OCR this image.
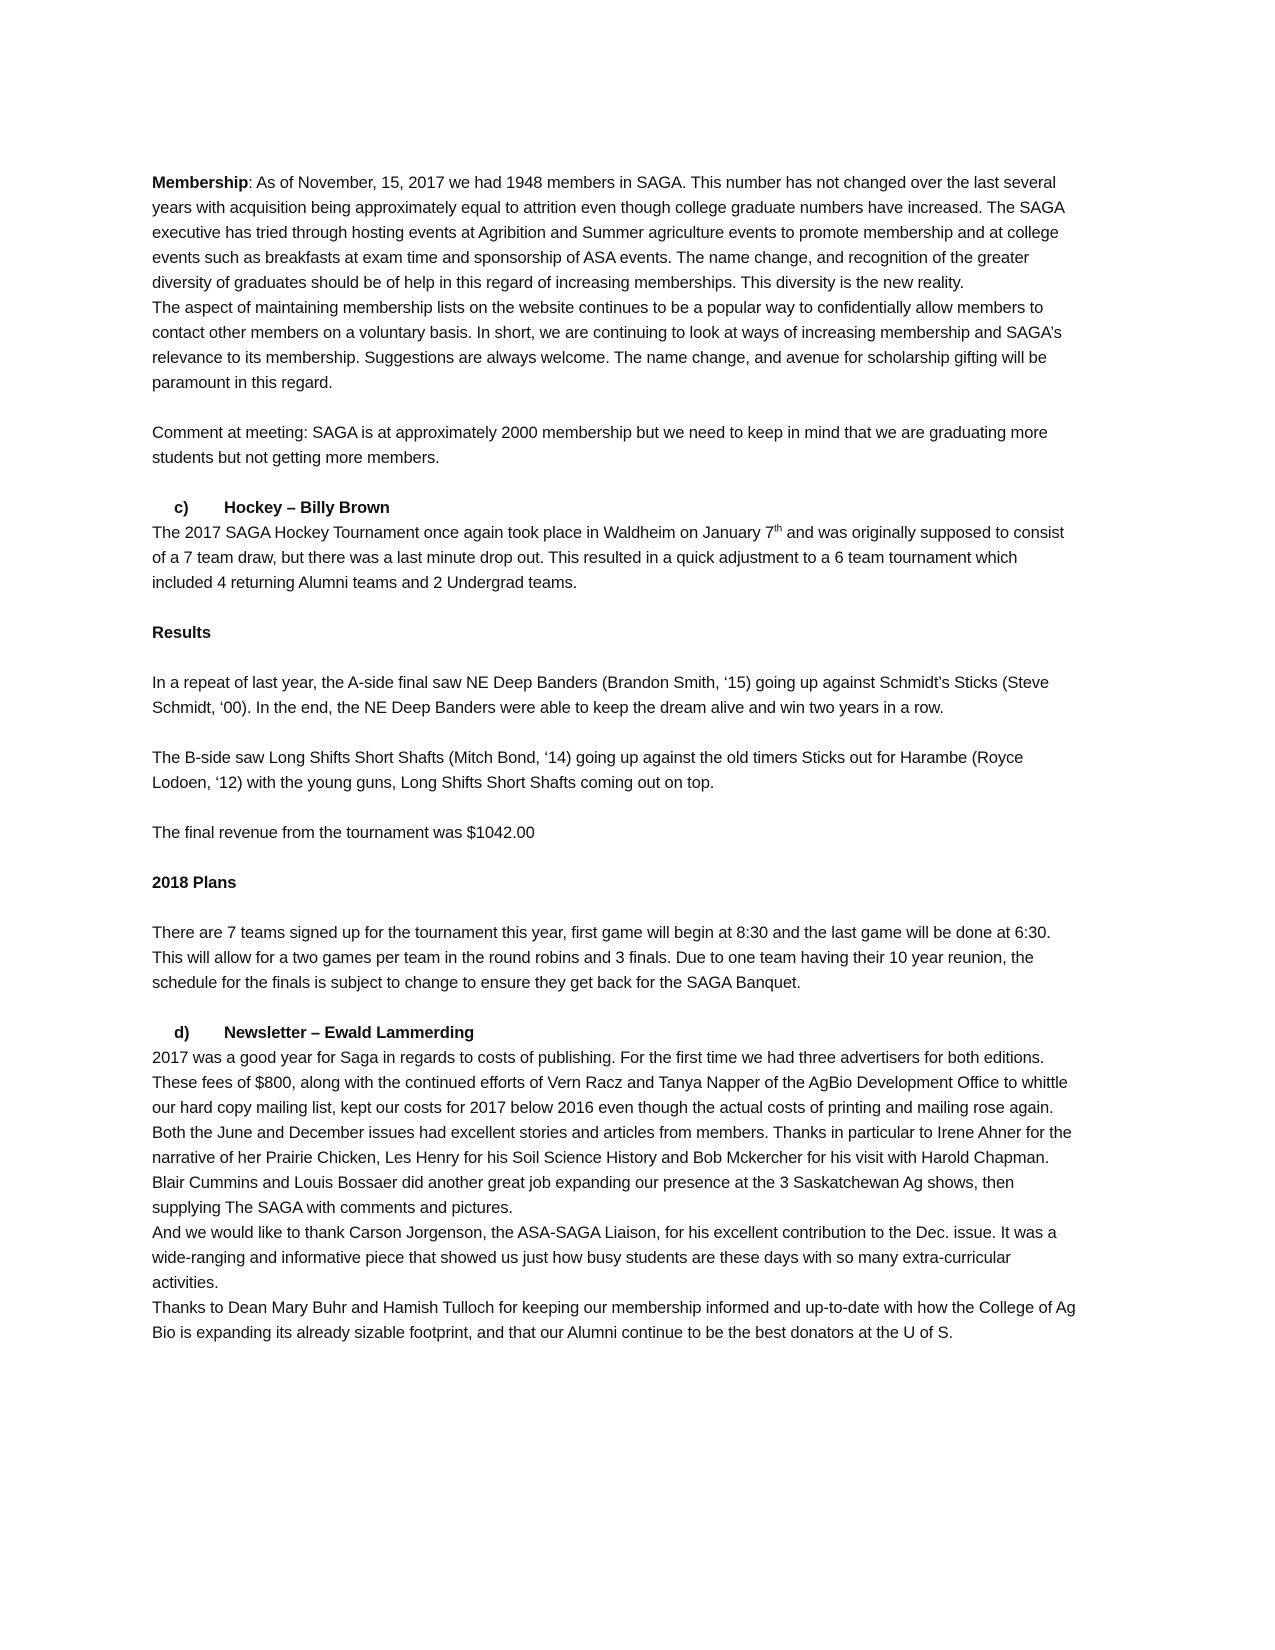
Membership: As of November, 15, 2017 we had 1948 members in SAGA. This number has not changed over the last several years with acquisition being approximately equal to attrition even though college graduate numbers have increased. The SAGA executive has tried through hosting events at Agribition and Summer agriculture events to promote membership and at college events such as breakfasts at exam time and sponsorship of ASA events. The name change, and recognition of the greater diversity of graduates should be of help in this regard of increasing memberships. This diversity is the new reality.

The aspect of maintaining membership lists on the website continues to be a popular way to confidentially allow members to contact other members on a voluntary basis. In short, we are continuing to look at ways of increasing membership and SAGA’s relevance to its membership. Suggestions are always welcome. The name change, and avenue for scholarship gifting will be paramount in this regard.

Comment at meeting: SAGA is at approximately 2000 membership but we need to keep in mind that we are graduating more students but not getting more members.

c) Hockey – Billy Brown

The 2017 SAGA Hockey Tournament once again took place in Waldheim on January 7th and was originally supposed to consist of a 7 team draw, but there was a last minute drop out. This resulted in a quick adjustment to a 6 team tournament which included 4 returning Alumni teams and 2 Undergrad teams.

Results

In a repeat of last year, the A-side final saw NE Deep Banders (Brandon Smith, ‘15) going up against Schmidt’s Sticks (Steve Schmidt, ‘00). In the end, the NE Deep Banders were able to keep the dream alive and win two years in a row.

The B-side saw Long Shifts Short Shafts (Mitch Bond, ‘14) going up against the old timers Sticks out for Harambe (Royce Lodoen, ‘12) with the young guns, Long Shifts Short Shafts coming out on top.

The final revenue from the tournament was $1042.00

2018 Plans

There are 7 teams signed up for the tournament this year, first game will begin at 8:30 and the last game will be done at 6:30. This will allow for a two games per team in the round robins and 3 finals. Due to one team having their 10 year reunion, the schedule for the finals is subject to change to ensure they get back for the SAGA Banquet.

d) Newsletter – Ewald Lammerding

2017 was a good year for Saga in regards to costs of publishing. For the first time we had three advertisers for both editions. These fees of $800, along with the continued efforts of Vern Racz and Tanya Napper of the AgBio Development Office to whittle our hard copy mailing list, kept our costs for 2017 below 2016 even though the actual costs of printing and mailing rose again.

Both the June and December issues had excellent stories and articles from members. Thanks in particular to Irene Ahner for the narrative of her Prairie Chicken, Les Henry for his Soil Science History and Bob Mckercher for his visit with Harold Chapman. Blair Cummins and Louis Bossaer did another great job expanding our presence at the 3 Saskatchewan Ag shows, then supplying The SAGA with comments and pictures.

And we would like to thank Carson Jorgenson, the ASA-SAGA Liaison, for his excellent contribution to the Dec. issue. It was a wide-ranging and informative piece that showed us just how busy students are these days with so many extra-curricular activities.

Thanks to Dean Mary Buhr and Hamish Tulloch for keeping our membership informed and up-to-date with how the College of Ag Bio is expanding its already sizable footprint, and that our Alumni continue to be the best donators at the U of S.
